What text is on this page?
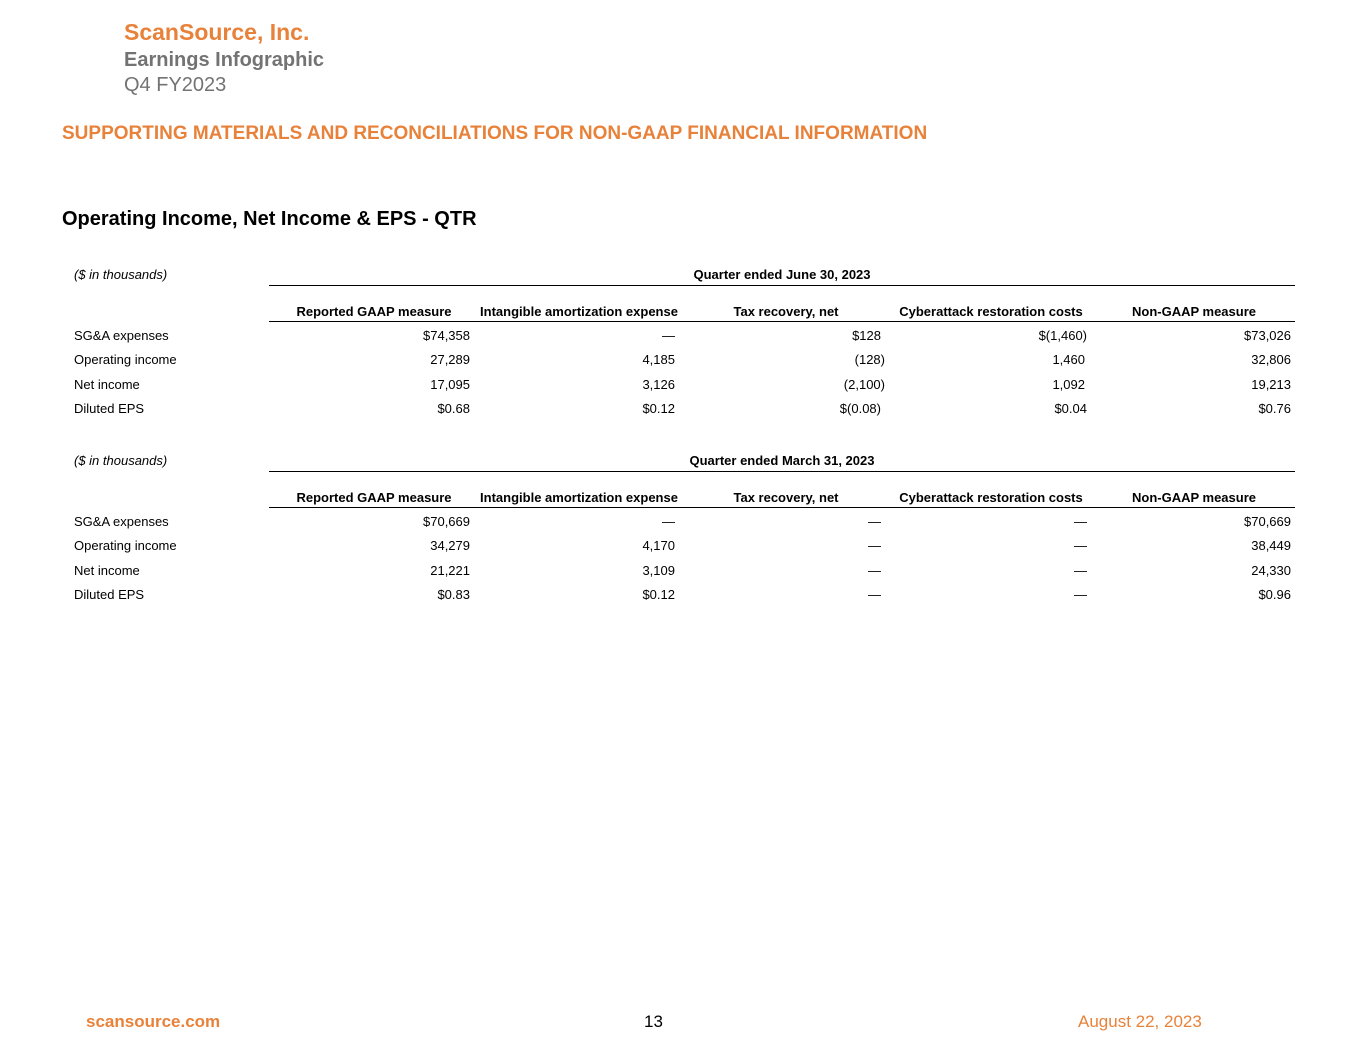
ScanSource, Inc.
Earnings Infographic
Q4 FY2023
SUPPORTING MATERIALS AND RECONCILIATIONS FOR NON-GAAP FINANCIAL INFORMATION
Operating Income, Net Income & EPS - QTR
($ in thousands)	Quarter ended June 30, 2023
Reported GAAP measure	Intangible amortization expense	Tax recovery, net	Cyberattack restoration costs	Non-GAAP measure
SG&A expenses	$74,358	—	$128	$(1,460)	$73,026
Operating income	27,289	4,185	(128)	1,460	32,806
Net income	17,095	3,126	(2,100)	1,092	19,213
Diluted EPS	$0.68	$0.12	$(0.08)	$0.04	$0.76
($ in thousands)	Quarter ended March 31, 2023
Reported GAAP measure	Intangible amortization expense	Tax recovery, net	Cyberattack restoration costs	Non-GAAP measure
SG&A expenses	$70,669	—	—	—	$70,669
Operating income	34,279	4,170	—	—	38,449
Net income	21,221	3,109	—	—	24,330
Diluted EPS	$0.83	$0.12	—	—	$0.96
scansource.com	13	August 22, 2023
